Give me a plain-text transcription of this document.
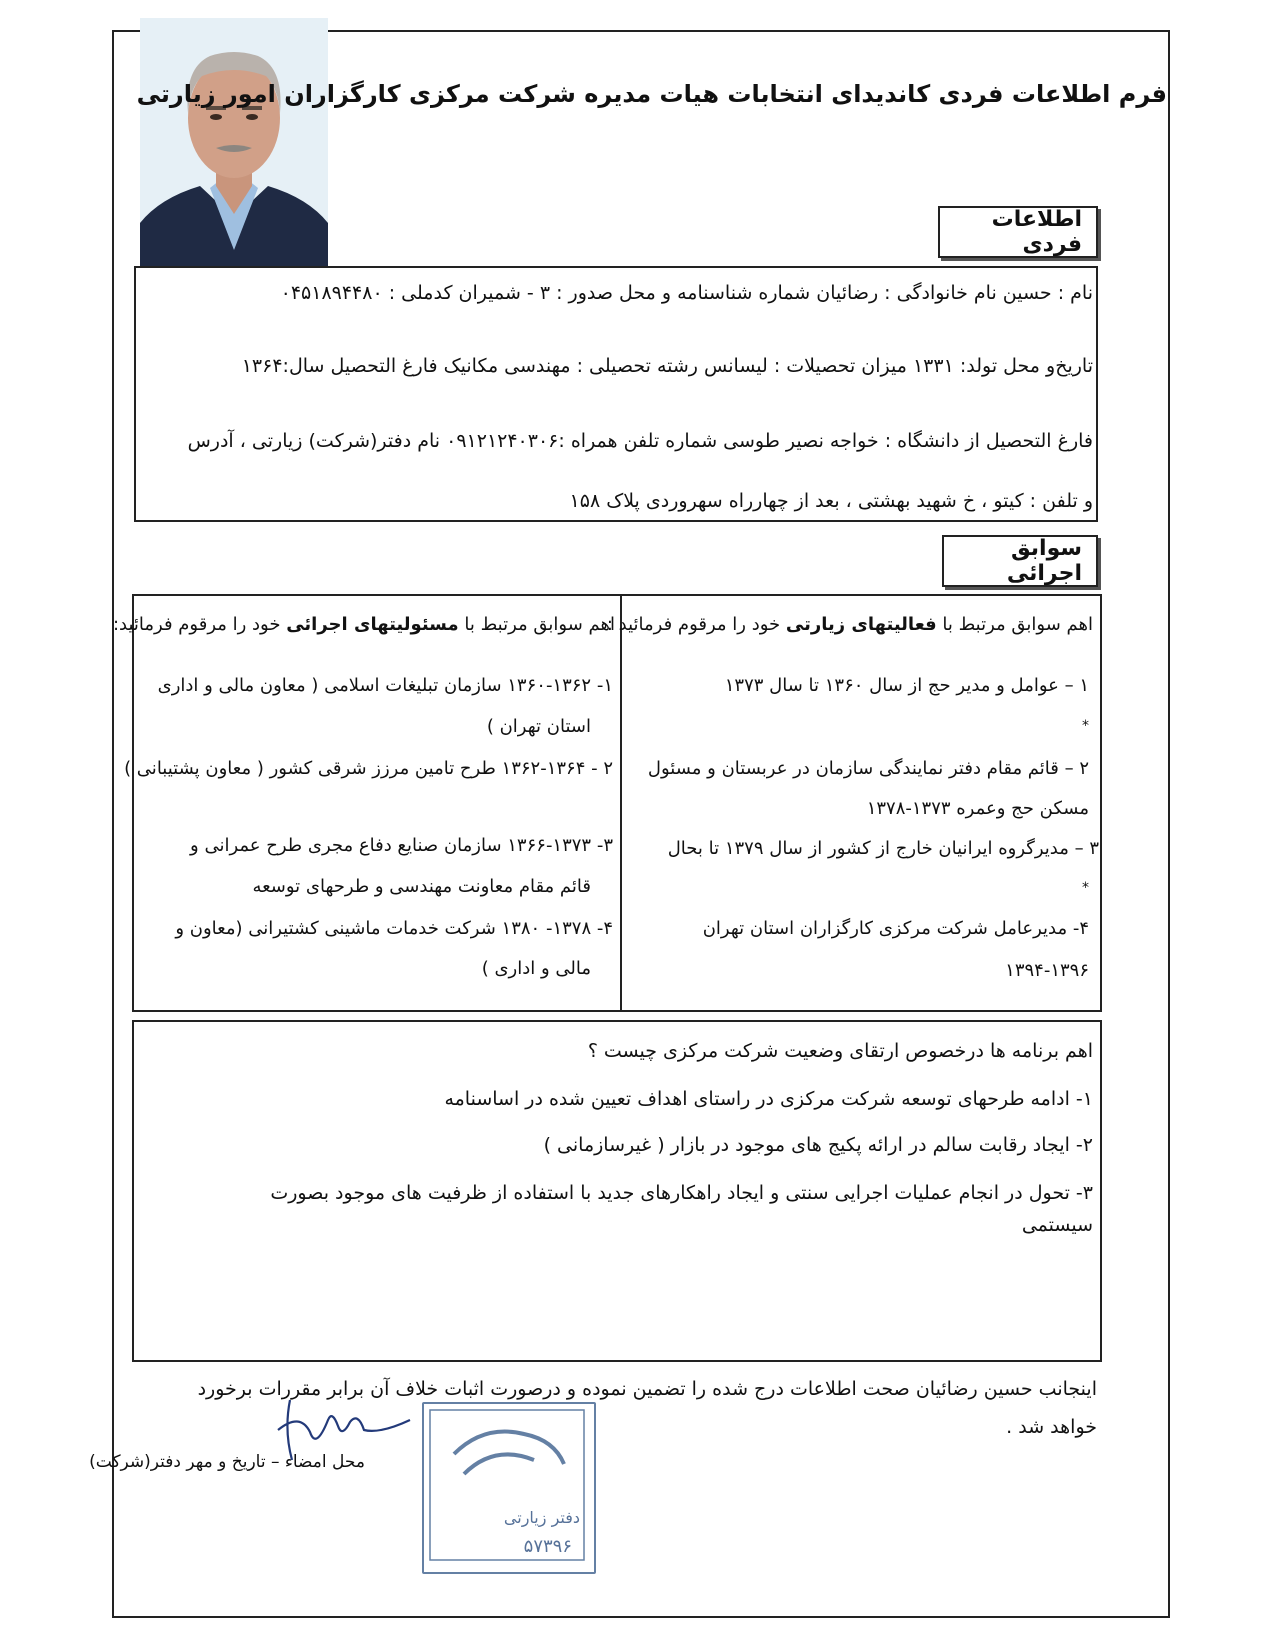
فرم اطلاعات فردی کاندیدای انتخابات هیات مدیره شرکت مرکزی کارگزاران امور زیارتی
اطلاعات فردی
نام : حسین نام خانوادگی : رضائیان شماره شناسنامه و محل صدور : ۳ - شمیران کدملی : ۰۴۵۱۸۹۴۴۸۰
تاریخ‌و محل تولد: ۱۳۳۱ میزان تحصیلات : لیسانس رشته تحصیلی : مهندسی مکانیک فارغ التحصیل سال:۱۳۶۴
فارغ التحصیل از دانشگاه : خواجه نصیر طوسی شماره تلفن همراه :۰۹۱۲۱۲۴۰۳۰۶ نام دفتر(شرکت) زیارتی ، آدرس
و تلفن : کیتو ، خ شهید بهشتی ، بعد از چهارراه سهروردی پلاک ۱۵۸
سوابق اجرائی
اهم سوابق مرتبط با فعالیتهای زیارتی خود را مرقوم فرمائید :
۱ – عوامل و مدیر حج از سال ۱۳۶۰ تا سال ۱۳۷۳
*
۲ – قائم مقام دفتر نمایندگی سازمان در عربستان و مسئول
مسکن حج وعمره ۱۳۷۳-۱۳۷۸
۳ – مدیرگروه ایرانیان خارج از کشور از سال ۱۳۷۹ تا بحال
*
۴- مدیرعامل شرکت مرکزی کارگزاران استان تهران
۱۳۹۴-۱۳۹۶
اهم سوابق مرتبط با مسئولیتهای اجرائی خود را مرقوم فرمائید:
۱- ۱۳۶۰-۱۳۶۲ سازمان تبلیغات اسلامی ( معاون مالی و اداری
استان تهران )
۲ - ۱۳۶۲-۱۳۶۴ طرح تامین مرزز شرقی کشور ( معاون پشتیبانی )
۳- ۱۳۶۶-۱۳۷۳ سازمان صنایع دفاع مجری طرح عمرانی و
قائم مقام معاونت مهندسی و طرحهای توسعه
۴- ۱۳۷۸- ۱۳۸۰ شرکت خدمات ماشینی کشتیرانی (معاون و
مالی و اداری )
اهم برنامه ها درخصوص ارتقای وضعیت شرکت مرکزی چیست ؟
۱- ادامه طرحهای توسعه شرکت مرکزی در راستای اهداف تعیین شده در اساسنامه
۲- ایجاد رقابت سالم در ارائه پکیج های موجود در بازار ( غیرسازمانی )
۳- تحول در انجام عملیات اجرایی سنتی و ایجاد راهکارهای جدید با استفاده از ظرفیت های موجود بصورت
سیستمی
اینجانب حسین رضائیان صحت اطلاعات درج شده را تضمین نموده و درصورت اثبات خلاف آن برابر مقررات برخورد
خواهد شد .
محل امضاء – تاریخ و مهر دفتر(شرکت)
دفتر زیارتی
۵۷۳۹۶
